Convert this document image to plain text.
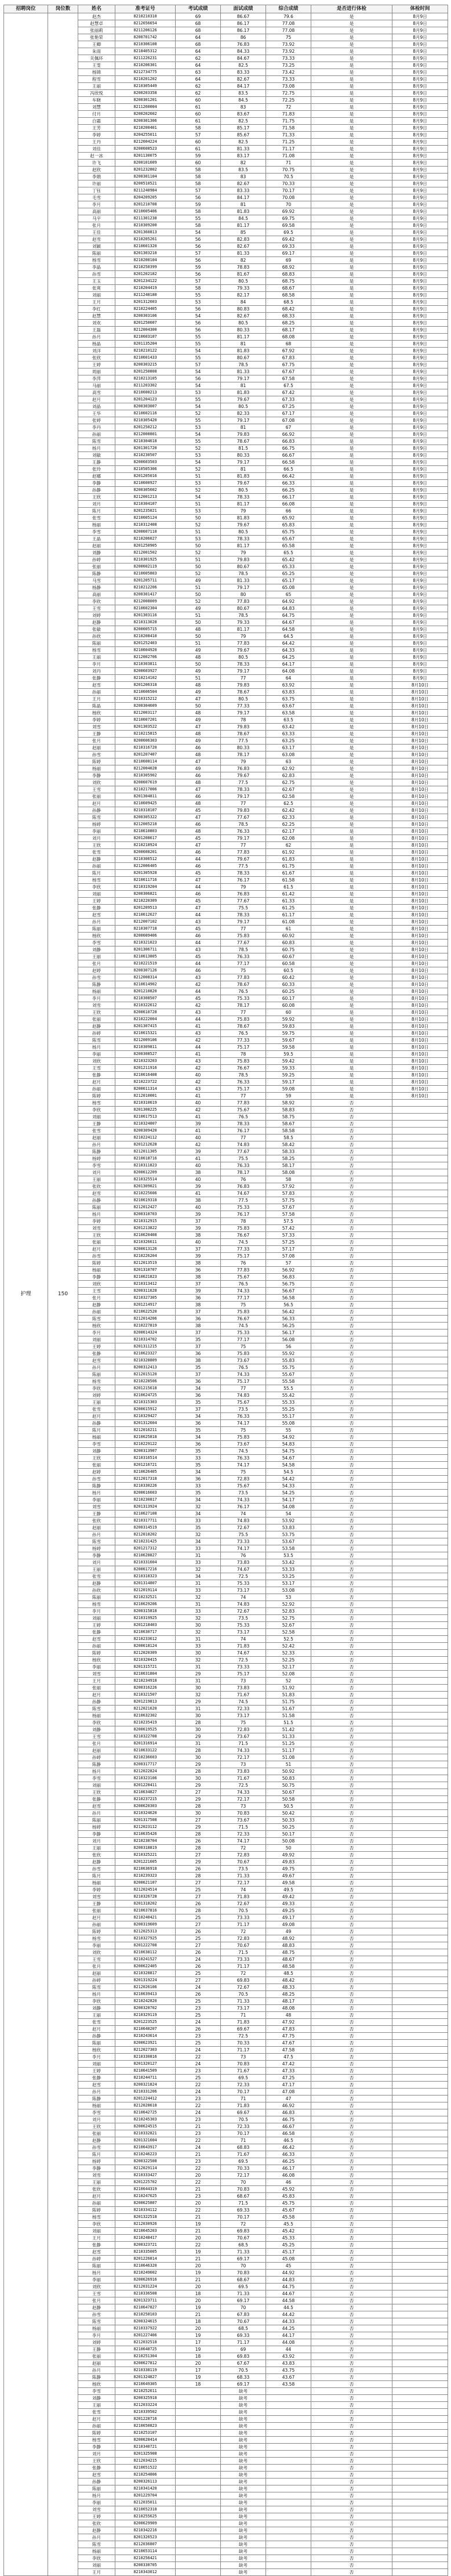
招聘岗位	岗位数	姓名	准考证号	考试成绩	面试成绩	综合成绩	是否进行体检	体检时间
护理	150	赵杰	8210210310	69	86.67	79.6	是	8月9日
		赵慧卓	8212656654	68	86.17	77.08	是	8月9日
		张丽莉	8211206126	68	86.17	77.08	是	8月9日
		张艳荣	8200701742	64	86	75	是	8月9日
		王卿	8210306108	68	76.83	73.92	是	8月9日
		朱雨	8210405312	64	84.33	73.92	是	8月9日
		关佩环	8211226231	62	84.67	73.33	是	8月9日
		王雯	8210206301	64	82.5	73.25	是	8月9日
		杨锦	8212734775	63	83.33	73.42	是	8月9日
		程雪	8210201202	64	82.67	73.33	是	8月9日
		王丽	8210305449	62	84.17	73.08	是	8月9日
		冯欣悦	8200203358	62	83.5	72.75	是	8月9日
		车晓	8200301201	60	84.5	72.25	是	8月9日
		刘慧	8211260004	61	83	72	是	8月9日
		付月	8200202602	60	83.67	71.83	是	8月9日
		白霜	8200301306	61	82.5	71.75	是	8月9日
		王芳	8210200401	58	85.17	71.58	是	8月9日
		李婷	8204255011	57	85.67	71.33	是	8月9日
		王丹	8212604224	60	82.5	71.25	是	8月9日
		刘佳	8200608523	61	81.33	71.17	是	8月9日
		赵一冰	8201130075	59	83.17	71.08	是	8月9日
		许飞	8200101609	60	82	71	是	8月9日
		赵欣	8201232802	58	83.5	70.75	是	8月9日
		李娟	8200301104	58	83	70.5	是	8月9日
		许丽	8200510521	58	82.67	70.33	是	8月9日
		丁钰	8211240984	57	83.33	70.17	是	8月9日
		毛雪	8204209205	56	84.17	70.08	是	8月9日
		李月	8201210708	59	81	70	是	8月9日
		高丽	8210605406	58	81.83	69.92	是	8月9日
		马宇	8211301238	55	84.5	69.75	是	8月9日
		张月	8210309200	58	81.17	69.58	是	8月9日
		王佳	8201360813	54	85	69.5	是	8月9日
		赵雪	8210205261	56	82.83	69.42	是	8月9日
		刘颖	8210601320	56	82.67	69.33	是	8月9日
		陈丽	8201303210	57	81.33	69.17	是	8月9日
		杨雪	8210200104	56	82	69	是	8月9日
		李晶	8210250399	59	78.83	68.92	是	8月9日
		孙雪	8201202182	56	81.67	68.83	是	8月9日
		王玉	8201234122	57	80.5	68.75	是	8月9日
		张爽	8210204419	58	79.33	68.67	是	8月9日
		刘丽	8211240180	55	82.17	68.58	是	8月9日
		王月	8201312603	53	84	68.5	是	8月9日
		李红	8210224405	56	80.83	68.42	是	8月9日
		赵慧	8200303106	54	82.67	68.33	是	8月9日
		刘欢	8201250607	56	80.5	68.25	是	8月9日
		王磊	8212004300	56	80.33	68.17	是	8月9日
		孙月	8210603107	55	81.17	68.08	是	8月9日
		杨晶	8201135204	55	81	68	是	8月9日
		刘洋	8210210122	54	81.83	67.92	是	8月9日
		张欣	8210601433	55	80.67	67.83	是	8月9日
		王婷	8200303215	57	78.5	67.75	是	8月9日
		周丽	8201250808	54	81.33	67.67	是	8月9日
		李萍	8210213105	56	79.17	67.58	是	8月9日
		马丽	8211203302	54	81	67.5	是	8月9日
		高雪	8210600213	53	81.83	67.42	是	8月9日
		赵月	8201204123	55	79.67	67.33	是	8月9日
		刘晶	8200303007	54	80.5	67.25	是	8月9日
		王华	8210602116	52	82.33	67.17	是	8月9日
		张婷	8210305420	55	79.17	67.08	是	8月9日
		李丹	8201250212	53	81	67	是	8月9日
		孙丽	8212000801	54	79.83	66.92	是	8月9日
		陈雪	8210304618	55	78.67	66.83	是	8月9日
		杨月	8201301720	52	81.5	66.75	是	8月9日
		刘敏	8210230507	53	80.33	66.67	是	8月9日
		王静	8200603503	54	79.17	66.58	是	8月9日
		张玲	8210505306	52	81	66.5	是	8月9日
		赵娜	8201205016	51	81.83	66.42	是	8月9日
		李静	8210600927	53	79.67	66.33	是	8月9日
		孙静	8200305602	52	80.5	66.25	是	8月9日
		王欣	8212001213	54	78.33	66.17	是	8月9日
		刘月	8210304107	51	81.17	66.08	是	8月9日
		陈月	8201235021	53	79	66	是	8月9日
		张雪	8210605124	50	81.83	65.92	是	8月9日
		杨丽	8210312408	52	79.67	65.83	是	8月9日
		李雪	8200607110	51	80.5	65.75	是	8月9日
		王晶	8210206027	53	78.33	65.67	是	8月9日
		赵丽	8201250905	50	81.17	65.58	是	8月9日
		刘静	8212001502	52	79	65.5	是	8月9日
		孙婷	8210301925	51	79.83	65.42	是	8月9日
		张丽	8200602119	50	80.67	65.33	是	8月9日
		陈静	8210605803	52	78.5	65.25	是	8月9日
		马雪	8201205711	49	81.33	65.17	是	8月9日
		杨静	8210212206	51	79.17	65.08	是	8月9日
		高丽	8200301417	50	80	65	是	8月9日
		李欣	8212008009	52	77.83	64.92	是	8月9日
		王雪	8210602304	49	80.67	64.83	是	8月9日
		刘婷	8201303116	51	78.5	64.75	是	8月9日
		赵静	8210313028	50	79.33	64.67	是	8月9日
		张敏	8200605715	48	81.17	64.58	是	8月9日
		孙欣	8210208410	50	79	64.5	是	8月9日
		陈丽	8201252403	51	77.83	64.42	是	8月9日
		杨雪	8210604920	49	79.67	64.33	是	8月9日
		王丽	8212002706	48	80.5	64.25	是	8月9日
		李月	8210303811	50	78.33	64.17	是	8月9日
		刘丹	8200603927	49	79.17	64.08	是	8月9日
		张静	8210214102	51	77	64	是	8月9日
		赵雪	8201206318	48	79.83	63.92	是	8月10日
		孙丽	8210606504	49	78.67	63.83	是	8月10日
		王月	8210315212	47	80.5	63.75	是	8月10日
		陈晶	8200304609	50	77.33	63.67	是	8月10日
		杨欣	8212003117	48	79.17	63.58	是	8月10日
		李婷	8210607201	49	78	63.5	是	8月10日
		刘雪	8201303522	47	79.83	63.42	是	8月10日
		王静	8210215815	48	78.67	63.33	是	8月10日
		张月	8200606303	49	77.5	63.25	是	8月10日
		赵丽	8210316720	46	80.33	63.17	是	8月10日
		孙雪	8201207407	48	78.17	63.08	是	8月10日
		陈婷	8210608114	47	79	63	是	8月10日
		杨丽	8212004028	49	76.83	62.92	是	8月10日
		李静	8210305902	46	79.67	62.83	是	8月10日
		刘欣	8200607619	48	77.5	62.75	是	8月10日
		王雪	8210217006	47	78.33	62.67	是	8月10日
		张丽	8201304811	46	79.17	62.58	是	8月10日
		赵月	8210609425	48	77	62.5	是	8月10日
		孙静	8210318107	45	79.83	62.42	是	8月10日
		陈雪	8200305322	47	77.67	62.33	是	8月10日
		杨婷	8212005210	46	78.5	62.25	是	8月10日
		李丽	8210610803	48	76.33	62.17	是	8月10日
		刘月	8201208617	45	79.17	62.08	是	8月10日
		王欣	8210218924	47	77	62	是	8月10日
		张雪	8200608201	46	77.83	61.92	是	8月10日
		赵静	8210306512	44	79.67	61.83	是	8月10日
		孙丽	8212006405	46	77.5	61.75	是	8月10日
		陈月	8201305928	45	78.33	61.67	是	8月10日
		杨雪	8210611716	47	76.17	61.58	是	8月10日
		李欣	8210319204	44	79	61.5	是	8月10日
		刘丽	8200306821	46	76.83	61.42	是	8月10日
		王婷	8210220309	45	77.67	61.33	是	8月10日
		张静	8201209513	47	75.5	61.25	是	8月10日
		赵雪	8210612627	44	78.33	61.17	是	8月10日
		孙月	8212007102	43	79.17	61.08	是	8月10日
		陈丽	8210307718	45	77	61	是	8月10日
		杨欣	8200609406	46	75.83	60.92	是	8月10日
		李雪	8210321023	44	77.67	60.83	是	8月10日
		刘静	8201306711	43	78.5	60.75	是	8月10日
		王丽	8210613805	45	76.33	60.67	是	8月10日
		张月	8210221519	44	77.17	60.58	是	8月10日
		赵婷	8200307126	46	75	60.5	是	8月10日
		孙雪	8212008314	43	77.83	60.42	是	8月10日
		陈静	8210614902	42	78.67	60.33	是	8月10日
		杨丽	8201210820	44	76.5	60.25	是	8月10日
		李月	8210308507	45	75.33	60.17	是	8月10日
		刘雪	8210322612	42	78.17	60.08	是	8月10日
		王欣	8200610728	43	77	60	是	8月10日
		张丽	8210222004	44	75.83	59.92	是	8月10日
		赵静	8201307415	41	78.67	59.83	是	8月10日
		孙婷	8210615321	43	76.5	59.75	是	8月10日
		陈雪	8212009106	42	77.33	59.67	是	8月10日
		杨月	8210309811	44	75.17	59.58	是	8月10日
		李丽	8200308527	41	78	59.5	是	8月10日
		刘欣	8210323203	43	75.83	59.42	是	8月10日
		王雪	8201211916	42	76.67	59.33	是	8月10日
		张静	8210616408	40	78.5	59.25	是	8月10日
		赵月	8210223722	42	76.33	59.17	是	8月10日
		孙丽	8200611314	43	75.17	59.08	是	8月10日
		陈婷	8212010001	41	77	59	是	8月10日
		杨雪	8210310619	40	77.83	58.92	否	
		李欣	8201308225	42	75.67	58.83	否	
		刘丽	8210617513	41	76.5	58.75	否	
		王静	8210324807	39	78.33	58.67	否	
		张雪	8200309420	41	76.17	58.58	否	
		赵丽	8210224112	40	77	58.5	否	
		孙月	8201212628	42	74.83	58.42	否	
		陈静	8212011305	39	77.67	58.33	否	
		杨婷	8210618716	41	75.5	58.25	否	
		李雪	8210311823	40	76.33	58.17	否	
		刘月	8200612209	38	78.17	58.08	否	
		王丽	8210325514	40	76	58	否	
		张欣	8201309021	39	76.83	57.92	否	
		赵雪	8210225606	41	74.67	57.83	否	
		孙静	8210619318	38	77.5	57.75	否	
		陈丽	8212012427	40	75.33	57.67	否	
		杨月	8200310703	39	76.17	57.58	否	
		李婷	8210312915	37	78	57.5	否	
		刘雪	8201213822	39	75.83	57.42	否	
		王欣	8210620408	38	76.67	57.33	否	
		张丽	8210326611	40	74.5	57.25	否	
		赵月	8200613126	37	77.33	57.17	否	
		孙雪	8210226204	39	75.17	57.08	否	
		陈婷	8212013519	38	76	57	否	
		杨丽	8201310707	36	77.83	56.92	否	
		李静	8210621823	38	75.67	56.83	否	
		刘欣	8210313412	37	76.5	56.75	否	
		王雪	8200311628	39	74.33	56.67	否	
		张月	8210327305	36	77.17	56.58	否	
		赵静	8201214917	38	75	56.5	否	
		孙丽	8210622520	37	75.83	56.42	否	
		陈雪	8212014206	36	76.67	56.33	否	
		杨欣	8210227819	38	74.5	56.25	否	
		李月	8200614324	37	75.33	56.17	否	
		刘丽	8210314702	35	77.17	56.08	否	
		王婷	8201311215	37	75	56	否	
		张静	8210623327	36	75.83	55.92	否	
		赵雪	8210328809	38	73.67	55.83	否	
		孙月	8200312413	35	76.5	55.75	否	
		陈丽	8212015120	37	74.33	55.67	否	
		杨雪	8210228506	36	75.17	55.58	否	
		李欣	8201215618	34	77	55.5	否	
		刘婷	8210624725	36	74.83	55.42	否	
		王丽	8210315303	35	75.67	55.33	否	
		张雪	8200615912	37	73.5	55.25	否	
		赵月	8210329427	34	76.33	55.17	否	
		孙静	8201312604	36	74.17	55.08	否	
		陈月	8212016211	35	75	55	否	
		杨丽	8210625818	34	75.83	54.92	否	
		李雪	8210229122	36	73.67	54.83	否	
		刘静	8200313907	35	74.5	54.75	否	
		王欣	8210316514	33	76.33	54.67	否	
		张丽	8201216721	35	74.17	54.58	否	
		赵婷	8210626405	34	75	54.5	否	
		孙雪	8212017318	36	72.83	54.42	否	
		陈静	8210330226	33	75.67	54.33	否	
		杨月	8200616603	35	73.5	54.25	否	
		李丽	8210230817	34	74.33	54.17	否	
		刘雪	8201313924	32	76.17	54.08	否	
		王静	8210627108	34	74	54	否	
		张欣	8210317711	33	74.83	53.92	否	
		赵丽	8200314519	35	72.67	53.83	否	
		孙月	8212018202	32	75.5	53.75	否	
		陈雪	8210231425	34	73.33	53.67	否	
		杨婷	8201217312	33	74.17	53.58	否	
		李静	8210628827	31	76	53.5	否	
		刘月	8210331604	33	73.83	53.42	否	
		王丽	8200617216	32	74.67	53.33	否	
		张雪	8210318323	34	72.5	53.25	否	
		赵静	8201314807	31	75.33	53.17	否	
		孙欣	8212019114	33	73.17	53.08	否	
		陈丽	8210232521	32	74	53	否	
		杨雪	8210629206	31	74.83	52.92	否	
		李月	8200315818	33	72.67	52.83	否	
		刘丽	8210319925	32	73.5	52.75	否	
		王婷	8201218403	30	75.33	52.67	否	
		张静	8210630717	32	73.17	52.58	否	
		赵雪	8210233612	31	74	52.5	否	
		孙丽	8200618124	33	71.83	52.42	否	
		陈婷	8212020309	30	74.67	52.33	否	
		杨欣	8210320415	32	72.5	52.25	否	
		李丽	8201315721	31	73.33	52.17	否	
		刘雪	8210631804	29	75.17	52.08	否	
		王月	8210234918	31	73	52	否	
		张丽	8200316226	30	73.83	51.92	否	
		赵月	8210321507	32	71.67	51.83	否	
		孙静	8201219813	29	74.5	51.75	否	
		陈雪	8212021620	31	72.33	51.67	否	
		杨丽	8210632302	30	73.17	51.58	否	
		李欣	8210235419	28	75	51.5	否	
		刘静	8200619525	30	72.83	51.42	否	
		王雪	8210322708	29	73.67	51.33	否	
		张月	8201316914	31	71.5	51.25	否	
		赵丽	8210633122	28	74.33	51.17	否	
		孙婷	8210236603	30	72.17	51.08	否	
		陈静	8200317717	29	73	51	否	
		杨月	8212022824	28	73.83	50.92	否	
		李雪	8210323106	30	71.67	50.83	否	
		刘丽	8201220411	29	72.5	50.75	否	
		王欣	8210634827	27	74.33	50.67	否	
		张静	8210237215	29	72.17	50.58	否	
		赵雪	8200620303	28	73	50.5	否	
		孙月	8210324620	30	70.83	50.42	否	
		陈丽	8201317508	27	73.67	50.33	否	
		杨婷	8212023112	29	71.5	50.25	否	
		李静	8210635426	28	72.33	50.17	否	
		刘月	8210238704	26	74.17	50.08	否	
		王丽	8200318819	28	72	50	否	
		张欣	8210325221	27	72.83	49.92	否	
		赵静	8201221605	29	70.67	49.83	否	
		孙雪	8210636918	26	73.5	49.75	否	
		陈月	8210239323	28	71.33	49.67	否	
		杨丽	8200621107	27	72.17	49.58	否	
		李婷	8212024514	25	74	49.5	否	
		刘雪	8210326728	27	71.83	49.42	否	
		王静	8201318202	26	72.67	49.33	否	
		张丽	8210637816	28	70.5	49.25	否	
		赵月	8210240421	25	73.33	49.17	否	
		孙丽	8200319609	27	71.17	49.08	否	
		陈婷	8212025313	26	72	49	否	
		杨雪	8210327925	25	72.83	48.92	否	
		李丽	8201222708	27	70.67	48.83	否	
		刘欣	8210638112	26	71.5	48.75	否	
		王雪	8210241527	24	73.33	48.67	否	
		张月	8200622405	26	71.17	48.58	否	
		赵丽	8210328817	25	72	48.5	否	
		孙婷	8201319224	27	69.83	48.42	否	
		陈雪	8212026106	24	72.67	48.33	否	
		杨月	8210639413	26	70.5	48.25	否	
		李欣	8210242820	25	71.33	48.17	否	
		刘静	8200320702	23	73.17	48.08	否	
		王丽	8210329119	25	71	48	否	
		张雪	8201223525	24	71.83	47.92	否	
		赵月	8210640207	26	69.67	47.83	否	
		孙静	8210243614	23	72.5	47.75	否	
		陈丽	8200623921	25	70.33	47.67	否	
		杨欣	8212027303	24	71.17	47.58	否	
		李月	8210330816	22	73	47.5	否	
		刘丽	8201320127	24	70.83	47.42	否	
		王婷	8210641509	23	71.67	47.33	否	
		张静	8210244711	25	69.5	47.25	否	
		赵雪	8200321824	22	72.33	47.17	否	
		孙月	8210331206	24	70.17	47.08	否	
		陈静	8201224412	23	71	47	否	
		杨丽	8212028618	22	71.83	46.92	否	
		李雪	8210642725	24	69.67	46.83	否	
		刘月	8210245303	23	70.5	46.75	否	
		王欣	8200624515	21	72.33	46.67	否	
		张丽	8210332821	23	70.17	46.58	否	
		赵静	8201321604	22	71	46.5	否	
		孙雪	8210643917	24	68.83	46.42	否	
		陈月	8210246223	21	71.67	46.33	否	
		杨婷	8200322508	23	69.5	46.25	否	
		李静	8212029114	22	70.33	46.17	否	
		刘雪	8210333427	20	72.17	46.08	否	
		王丽	8201225702	22	70	46	否	
		张欣	8210644319	21	70.83	45.92	否	
		赵月	8210247625	23	68.67	45.83	否	
		孙丽	8200625807	20	71.5	45.75	否	
		陈婷	8210334112	22	69.33	45.67	否	
		杨雪	8201322518	21	70.17	45.58	否	
		李欣	8212030926	19	72	45.5	否	
		刘丽	8210645203	21	69.83	45.42	否	
		王月	8210248417	20	70.67	45.33	否	
		张静	8200323721	22	68.5	45.25	否	
		赵雪	8210335005	19	71.33	45.17	否	
		孙婷	8201226814	21	69.17	45.08	否	
		陈丽	8210646320	20	70	45	否	
		杨月	8210249602	19	70.83	44.92	否	
		李丽	8200626916	21	68.67	44.83	否	
		刘欣	8212031224	20	69.5	44.75	否	
		王雪	8210336508	18	71.33	44.67	否	
		张月	8201323711	20	69.17	44.58	否	
		赵静	8210647827	19	70	44.5	否	
		孙雪	8210250103	21	67.83	44.42	否	
		陈雪	8200324615	18	70.67	44.33	否	
		杨丽	8210337922	20	68.5	44.25	否	
		李月	8201227406	19	69.33	44.17	否	
		刘婷	8212032518	17	71.17	44.08	否	
		王静	8210648725	19	69	44	否	
		张丽	8210251304	18	69.83	43.92	否	
		赵丽	8200627812	20	67.67	43.83	否	
		孙月	8210338119	17	70.5	43.75	否	
		陈静	8201324827	19	68.33	43.67	否	
		杨欣	8210649305	18	69.17	43.58	否	
		李雪	8210252611		缺考		否	
		刘静	8200325918		缺考		否	
		王丽	8212033224		缺考		否	
		张雪	8210339502		缺考		否	
		赵月	8201228716		缺考		否	
		孙丽	8210650823		缺考		否	
		陈婷	8210253107		缺考		否	
		杨雪	8200628414		缺考		否	
		李静	8210340721		缺考		否	
		刘月	8201325908		缺考		否	
		王欣	8212034215		缺考		否	
		张静	8210651522		缺考		否	
		赵雪	8210254806		缺考		否	
		孙静	8200326113		缺考		否	
		陈丽	8210341420		缺考		否	
		杨月	8201229704		缺考		否	
		李丽	8212035011		缺考		否	
		刘雪	8210652318		缺考		否	
		王婷	8210255625		缺考		否	
		张欣	8200629909		缺考		否	
		赵静	8210342216		缺考		否	
		孙月	8201326523		缺考		否	
		陈雪	8212036807		缺考		否	
		杨丽	8210653114		缺考		否	
		李欣	8210256421		缺考		否	
		刘丽	8200330705		缺考		否	
		王月	8210343012		缺考		否	
